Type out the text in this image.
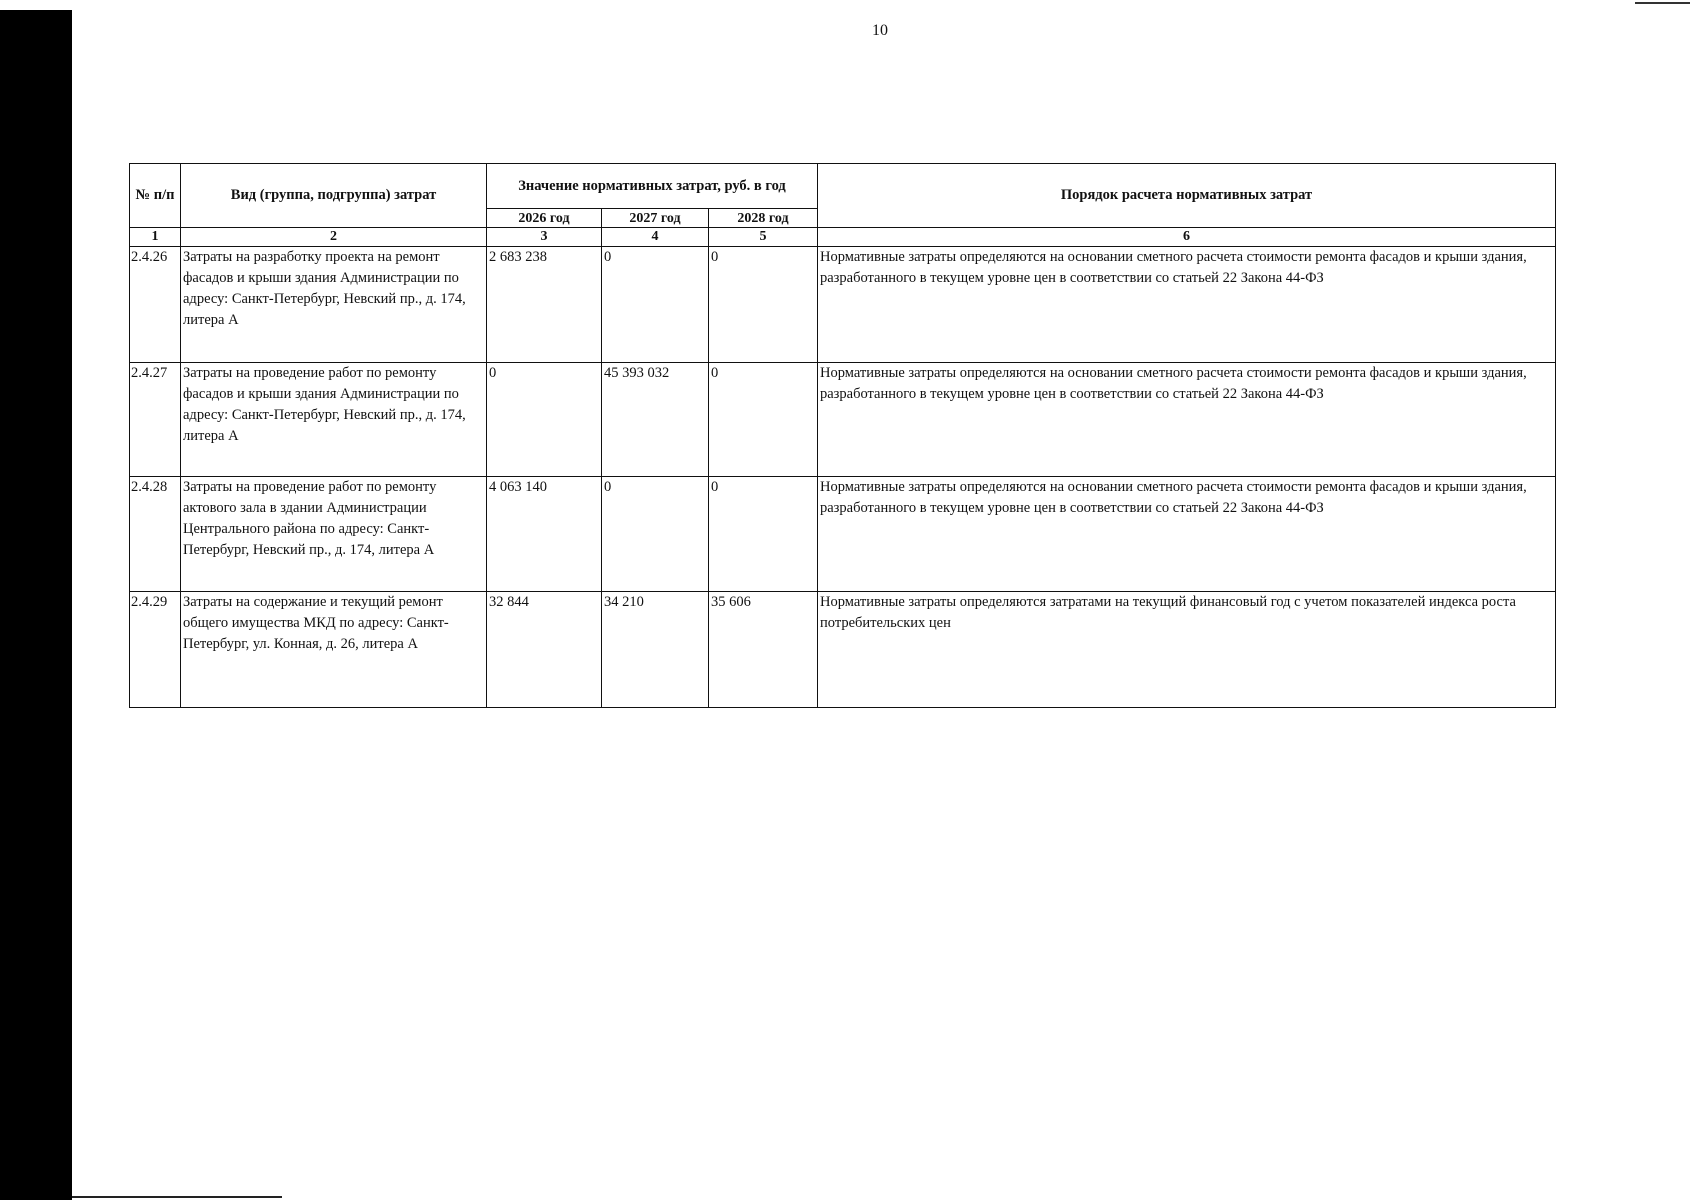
10
№ п/п	Вид (группа, подгруппа) затрат	Значение нормативных затрат, руб. в год			Порядок расчета нормативных затрат
		2026 год	2027 год	2028 год	
1	2	3	4	5	6
2.4.26	Затраты на разработку проекта на ремонт фасадов и крыши здания Администрации по адресу: Санкт-Петербург, Невский пр., д. 174, литера А	2 683 238	0	0	Нормативные затраты определяются на основании сметного расчета стоимости ремонта фасадов и крыши здания, разработанного в текущем уровне цен в соответствии со статьей 22 Закона 44-ФЗ
2.4.27	Затраты на проведение работ по ремонту фасадов и крыши здания Администрации по адресу: Санкт-Петербург, Невский пр., д. 174, литера А	0	45 393 032	0	Нормативные затраты определяются на основании сметного расчета стоимости ремонта фасадов и крыши здания, разработанного в текущем уровне цен в соответствии со статьей 22 Закона 44-ФЗ
2.4.28	Затраты на проведение работ по ремонту актового зала в здании Администрации Центрального района по адресу: Санкт-Петербург, Невский пр., д. 174, литера А	4 063 140	0	0	Нормативные затраты определяются на основании сметного расчета стоимости ремонта фасадов и крыши здания, разработанного в текущем уровне цен в соответствии со статьей 22 Закона 44-ФЗ
2.4.29	Затраты на содержание и текущий ремонт общего имущества МКД по адресу: Санкт-Петербург, ул. Конная, д. 26, литера А	32 844	34 210	35 606	Нормативные затраты определяются затратами на текущий финансовый год с учетом показателей индекса роста потребительских цен
